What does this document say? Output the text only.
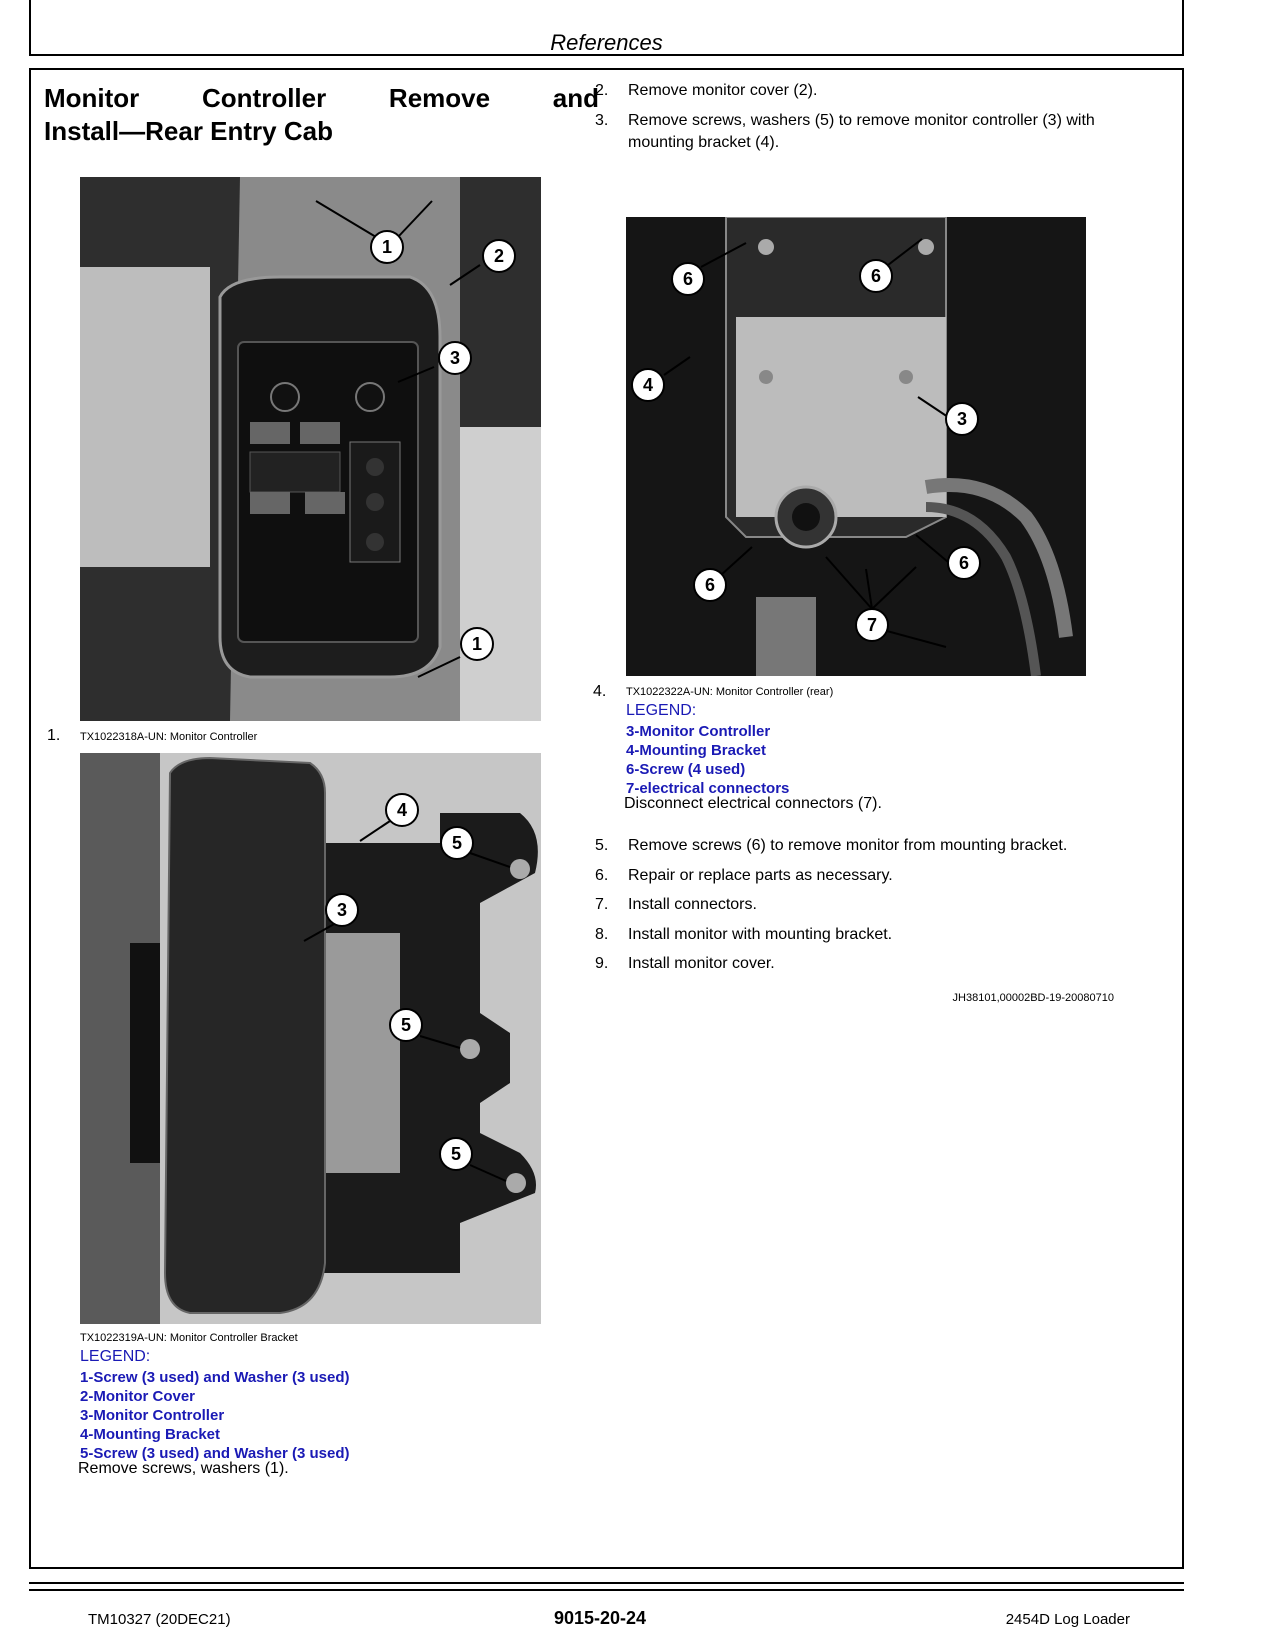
References
Monitor Controller Remove and
Install—Rear Entry Cab
1	2
3
1
1. TX1022318A-UN: Monitor Controller
4
5
3
5
5
TX1022319A-UN: Monitor Controller Bracket
LEGEND:
1-Screw (3 used) and Washer (3 used)
2-Monitor Cover
3-Monitor Controller
4-Mounting Bracket
5-Screw (3 used) and Washer (3 used)
Remove screws, washers (1).
2. Remove monitor cover (2).
3. Remove screws, washers (5) to remove monitor controller (3) with mounting bracket (4).
6	6
4
3
6
6
7
4. TX1022322A-UN: Monitor Controller (rear)
LEGEND:
3-Monitor Controller
4-Mounting Bracket
6-Screw (4 used)
7-electrical connectors
Disconnect electrical connectors (7).
5. Remove screws (6) to remove monitor from mounting bracket.
6. Repair or replace parts as necessary.
7. Install connectors.
8. Install monitor with mounting bracket.
9. Install monitor cover.
JH38101,00002BD-19-20080710
TM10327 (20DEC21)	9015-20-24	2454D Log Loader
